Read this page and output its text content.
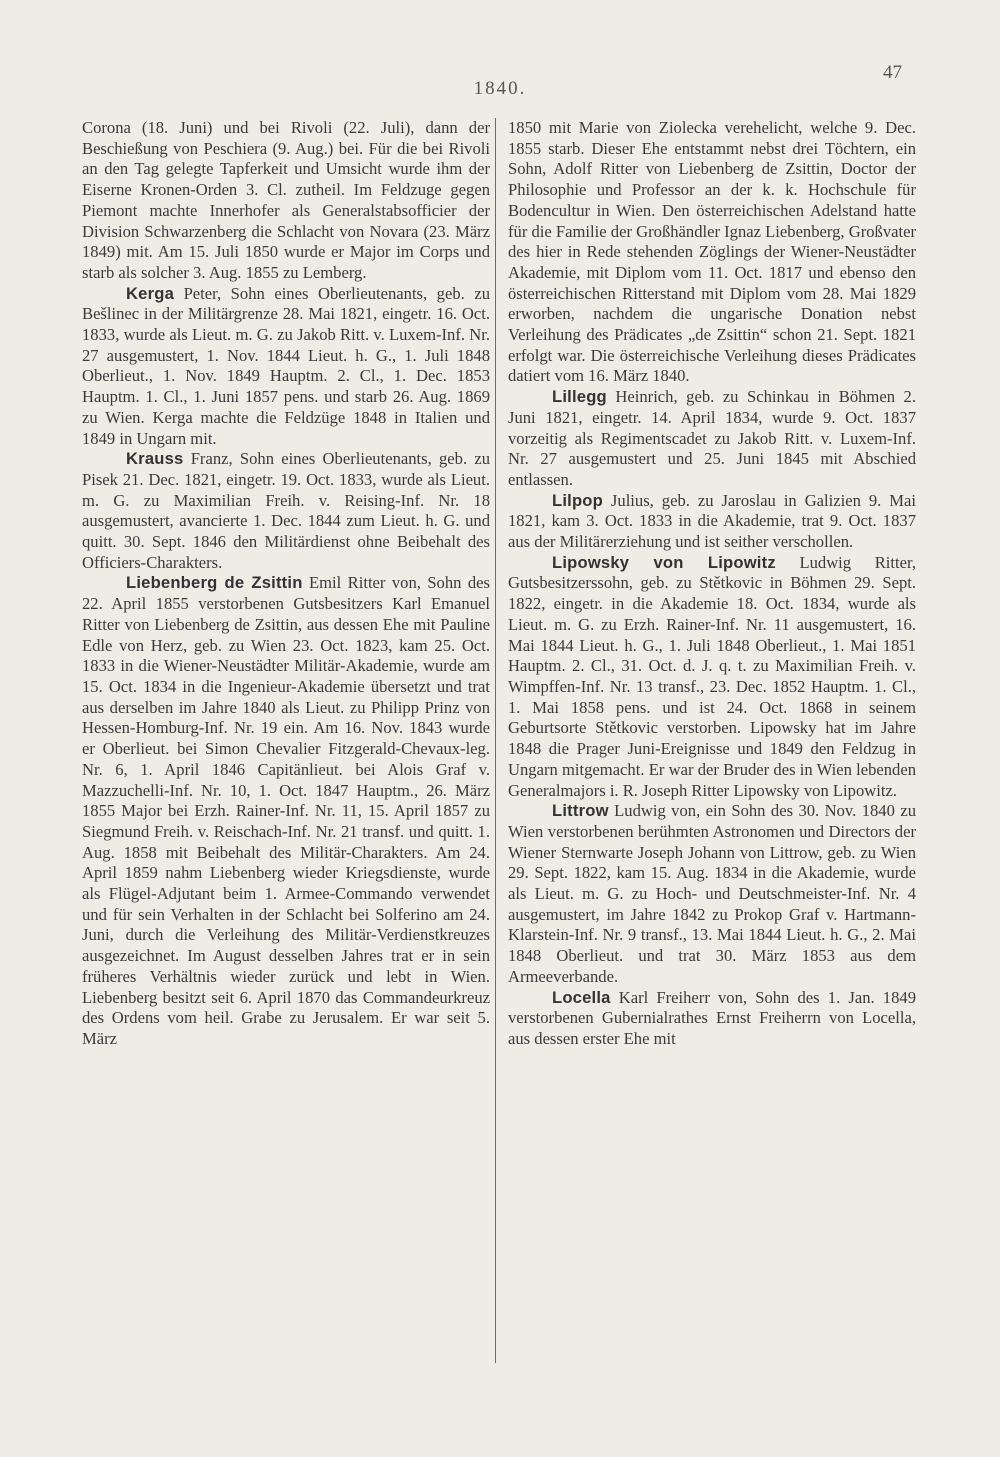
1840.
47

Corona (18. Juni) und bei Rivoli (22. Juli), dann der Beschießung von Peschiera (9. Aug.) bei. Für die bei Rivoli an den Tag gelegte Tapferkeit und Umsicht wurde ihm der Eiserne Kronen-Orden 3. Cl. zutheil. Im Feldzuge gegen Piemont machte Innerhofer als Generalstabsofficier der Division Schwarzenberg die Schlacht von Novara (23. März 1849) mit. Am 15. Juli 1850 wurde er Major im Corps und starb als solcher 3. Aug. 1855 zu Lemberg.

Kerga Peter, Sohn eines Oberlieutenants, geb. zu Bešlinec in der Militärgrenze 28. Mai 1821, eingetr. 16. Oct. 1833, wurde als Lieut. m. G. zu Jakob Ritt. v. Luxem-Inf. Nr. 27 ausgemustert, 1. Nov. 1844 Lieut. h. G., 1. Juli 1848 Oberlieut., 1. Nov. 1849 Hauptm. 2. Cl., 1. Dec. 1853 Hauptm. 1. Cl., 1. Juni 1857 pens. und starb 26. Aug. 1869 zu Wien. Kerga machte die Feldzüge 1848 in Italien und 1849 in Ungarn mit.

Krauss Franz, Sohn eines Oberlieutenants, geb. zu Pisek 21. Dec. 1821, eingetr. 19. Oct. 1833, wurde als Lieut. m. G. zu Maximilian Freih. v. Reising-Inf. Nr. 18 ausgemustert, avancierte 1. Dec. 1844 zum Lieut. h. G. und quitt. 30. Sept. 1846 den Militärdienst ohne Beibehalt des Officiers-Charakters.

Liebenberg de Zsittin Emil Ritter von, Sohn des 22. April 1855 verstorbenen Gutsbesitzers Karl Emanuel Ritter von Liebenberg de Zsittin, aus dessen Ehe mit Pauline Edle von Herz, geb. zu Wien 23. Oct. 1823, kam 25. Oct. 1833 in die Wiener-Neustädter Militär-Akademie, wurde am 15. Oct. 1834 in die Ingenieur-Akademie übersetzt und trat aus derselben im Jahre 1840 als Lieut. zu Philipp Prinz von Hessen-Homburg-Inf. Nr. 19 ein. Am 16. Nov. 1843 wurde er Oberlieut. bei Simon Chevalier Fitzgerald-Chevaux-leg. Nr. 6, 1. April 1846 Capitänlieut. bei Alois Graf v. Mazzuchelli-Inf. Nr. 10, 1. Oct. 1847 Hauptm., 26. März 1855 Major bei Erzh. Rainer-Inf. Nr. 11, 15. April 1857 zu Siegmund Freih. v. Reischach-Inf. Nr. 21 transf. und quitt. 1. Aug. 1858 mit Beibehalt des Militär-Charakters. Am 24. April 1859 nahm Liebenberg wieder Kriegsdienste, wurde als Flügel-Adjutant beim 1. Armee-Commando verwendet und für sein Verhalten in der Schlacht bei Solferino am 24. Juni, durch die Verleihung des Militär-Verdienstkreuzes ausgezeichnet. Im August desselben Jahres trat er in sein früheres Verhältnis wieder zurück und lebt in Wien. Liebenberg besitzt seit 6. April 1870 das Commandeurkreuz des Ordens vom heil. Grabe zu Jerusalem. Er war seit 5. März

1850 mit Marie von Ziolecka verehelicht, welche 9. Dec. 1855 starb. Dieser Ehe entstammt nebst drei Töchtern, ein Sohn, Adolf Ritter von Liebenberg de Zsittin, Doctor der Philosophie und Professor an der k. k. Hochschule für Bodencultur in Wien. Den österreichischen Adelstand hatte für die Familie der Großhändler Ignaz Liebenberg, Großvater des hier in Rede stehenden Zöglings der Wiener-Neustädter Akademie, mit Diplom vom 11. Oct. 1817 und ebenso den österreichischen Ritterstand mit Diplom vom 28. Mai 1829 erworben, nachdem die ungarische Donation nebst Verleihung des Prädicates „de Zsittin“ schon 21. Sept. 1821 erfolgt war. Die österreichische Verleihung dieses Prädicates datiert vom 16. März 1840.

Lillegg Heinrich, geb. zu Schinkau in Böhmen 2. Juni 1821, eingetr. 14. April 1834, wurde 9. Oct. 1837 vorzeitig als Regimentscadet zu Jakob Ritt. v. Luxem-Inf. Nr. 27 ausgemustert und 25. Juni 1845 mit Abschied entlassen.

Lilpop Julius, geb. zu Jaroslau in Galizien 9. Mai 1821, kam 3. Oct. 1833 in die Akademie, trat 9. Oct. 1837 aus der Militärerziehung und ist seither verschollen.

Lipowsky von Lipowitz Ludwig Ritter, Gutsbesitzerssohn, geb. zu Stětkovic in Böhmen 29. Sept. 1822, eingetr. in die Akademie 18. Oct. 1834, wurde als Lieut. m. G. zu Erzh. Rainer-Inf. Nr. 11 ausgemustert, 16. Mai 1844 Lieut. h. G., 1. Juli 1848 Oberlieut., 1. Mai 1851 Hauptm. 2. Cl., 31. Oct. d. J. q. t. zu Maximilian Freih. v. Wimpffen-Inf. Nr. 13 transf., 23. Dec. 1852 Hauptm. 1. Cl., 1. Mai 1858 pens. und ist 24. Oct. 1868 in seinem Geburtsorte Stětkovic verstorben. Lipowsky hat im Jahre 1848 die Prager Juni-Ereignisse und 1849 den Feldzug in Ungarn mitgemacht. Er war der Bruder des in Wien lebenden Generalmajors i. R. Joseph Ritter Lipowsky von Lipowitz.

Littrow Ludwig von, ein Sohn des 30. Nov. 1840 zu Wien verstorbenen berühmten Astronomen und Directors der Wiener Sternwarte Joseph Johann von Littrow, geb. zu Wien 29. Sept. 1822, kam 15. Aug. 1834 in die Akademie, wurde als Lieut. m. G. zu Hoch- und Deutschmeister-Inf. Nr. 4 ausgemustert, im Jahre 1842 zu Prokop Graf v. Hartmann-Klarstein-Inf. Nr. 9 transf., 13. Mai 1844 Lieut. h. G., 2. Mai 1848 Oberlieut. und trat 30. März 1853 aus dem Armeeverbande.

Locella Karl Freiherr von, Sohn des 1. Jan. 1849 verstorbenen Gubernialrathes Ernst Freiherrn von Locella, aus dessen erster Ehe mit
